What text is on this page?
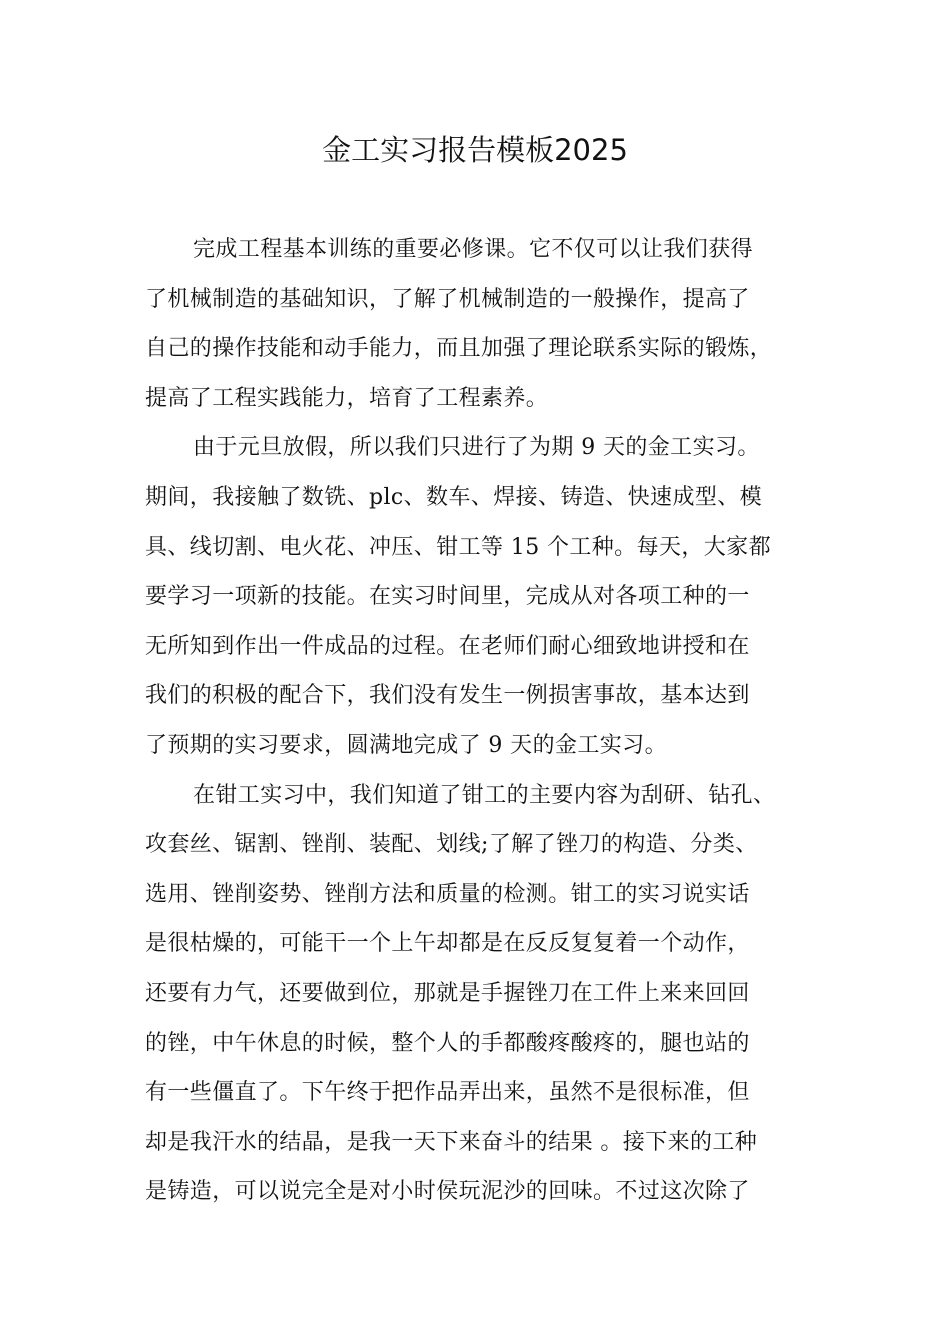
金工实习报告模板2025
完成工程基本训练的重要必修课。它不仅可以让我们获得
了机械制造的基础知识，了解了机械制造的一般操作，提高了
自己的操作技能和动手能力，而且加强了理论联系实际的锻炼，
提高了工程实践能力，培育了工程素养。
由于元旦放假，所以我们只进行了为期 9 天的金工实习。
期间，我接触了数铣、plc、数车、焊接、铸造、快速成型、模
具、线切割、电火花、冲压、钳工等 15 个工种。每天，大家都
要学习一项新的技能。在实习时间里，完成从对各项工种的一
无所知到作出一件成品的过程。在老师们耐心细致地讲授和在
我们的积极的配合下，我们没有发生一例损害事故，基本达到
了预期的实习要求，圆满地完成了 9 天的金工实习。
在钳工实习中，我们知道了钳工的主要内容为刮研、钻孔、
攻套丝、锯割、锉削、装配、划线;了解了锉刀的构造、分类、
选用、锉削姿势、锉削方法和质量的检测。钳工的实习说实话
是很枯燥的，可能干一个上午却都是在反反复复着一个动作，
还要有力气，还要做到位，那就是手握锉刀在工件上来来回回
的锉，中午休息的时候，整个人的手都酸疼酸疼的，腿也站的
有一些僵直了。下午终于把作品弄出来，虽然不是很标准，但
却是我汗水的结晶，是我一天下来奋斗的结果 。接下来的工种
是铸造，可以说完全是对小时侯玩泥沙的回味。不过这次除了
